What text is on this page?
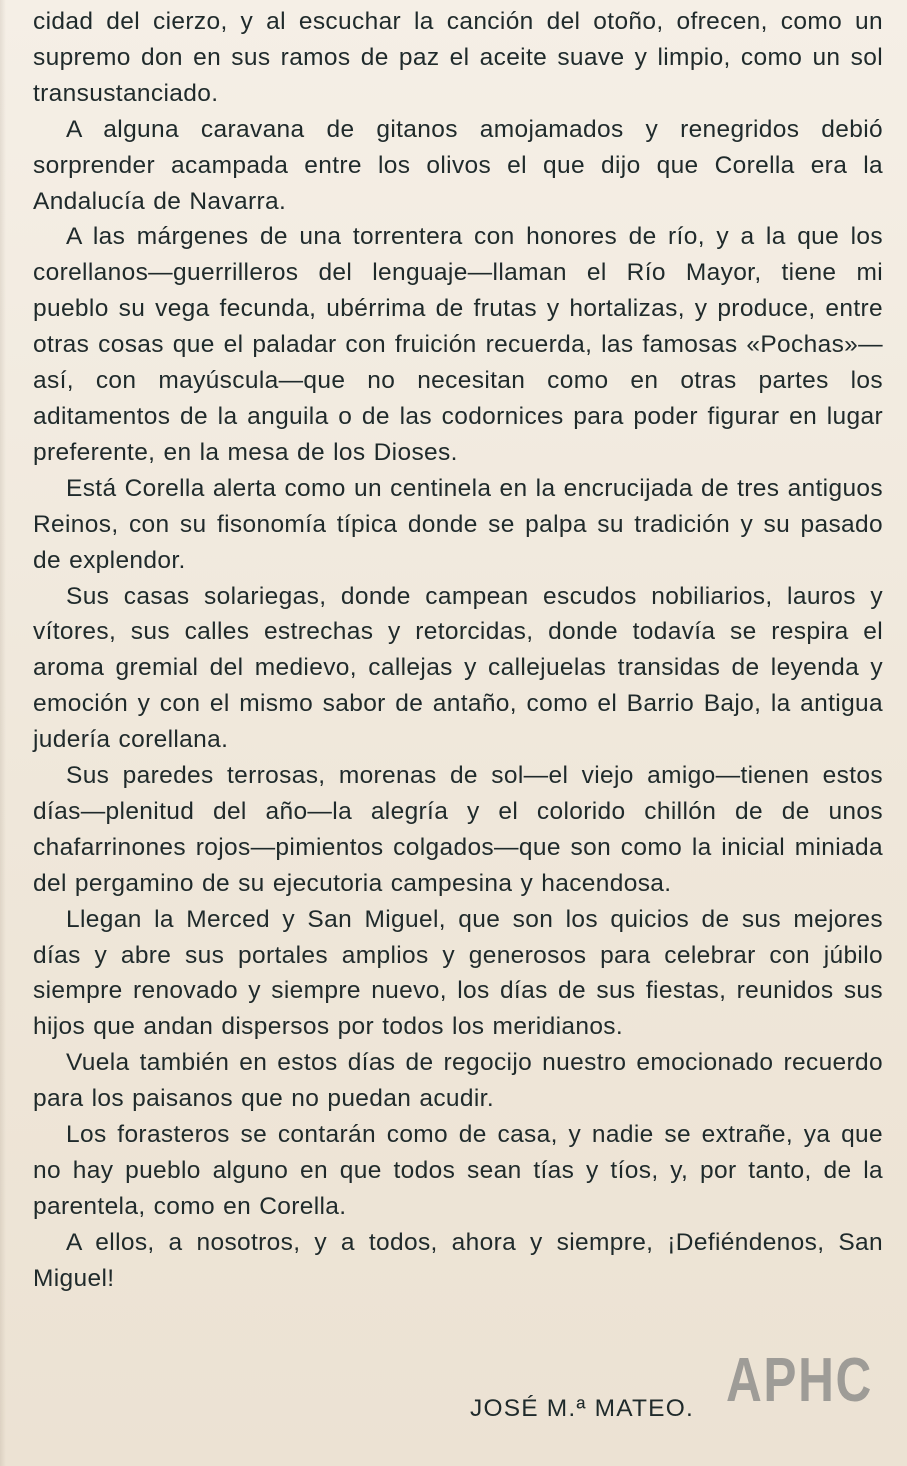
cidad del cierzo, y al escuchar la canción del otoño, ofrecen, como un supremo don en sus ramos de paz el aceite suave y limpio, como un sol transustanciado.

A alguna caravana de gitanos amojamados y renegridos debió sorprender acampada entre los olivos el que dijo que Corella era la Andalucía de Navarra.

A las márgenes de una torrentera con honores de río, y a la que los corellanos—guerrilleros del lenguaje—llaman el Río Mayor, tiene mi pueblo su vega fecunda, ubérrima de frutas y hortalizas, y produce, entre otras cosas que el paladar con fruición recuerda, las famosas «Pochas»—así, con mayúscula—que no necesitan como en otras partes los aditamentos de la anguila o de las codornices para poder figurar en lugar preferente, en la mesa de los Dioses.

Está Corella alerta como un centinela en la encrucijada de tres antiguos Reinos, con su fisonomía típica donde se palpa su tradición y su pasado de explendor.

Sus casas solariegas, donde campean escudos nobiliarios, lauros y vítores, sus calles estrechas y retorcidas, donde todavía se respira el aroma gremial del medievo, callejas y callejuelas transidas de leyenda y emoción y con el mismo sabor de antaño, como el Barrio Bajo, la antigua judería corellana.

Sus paredes terrosas, morenas de sol—el viejo amigo—tienen estos días—plenitud del año—la alegría y el colorido chillón de de unos chafarrinones rojos—pimientos colgados—que son como la inicial miniada del pergamino de su ejecutoria campesina y hacendosa.

Llegan la Merced y San Miguel, que son los quicios de sus mejores días y abre sus portales amplios y generosos para celebrar con júbilo siempre renovado y siempre nuevo, los días de sus fiestas, reunidos sus hijos que andan dispersos por todos los meridianos.

Vuela también en estos días de regocijo nuestro emocionado recuerdo para los paisanos que no puedan acudir.

Los forasteros se contarán como de casa, y nadie se extrañe, ya que no hay pueblo alguno en que todos sean tías y tíos, y, por tanto, de la parentela, como en Corella.

A ellos, a nosotros, y a todos, ahora y siempre, ¡Defiéndenos, San Miguel!

JOSÉ M.ª MATEO. APHC
